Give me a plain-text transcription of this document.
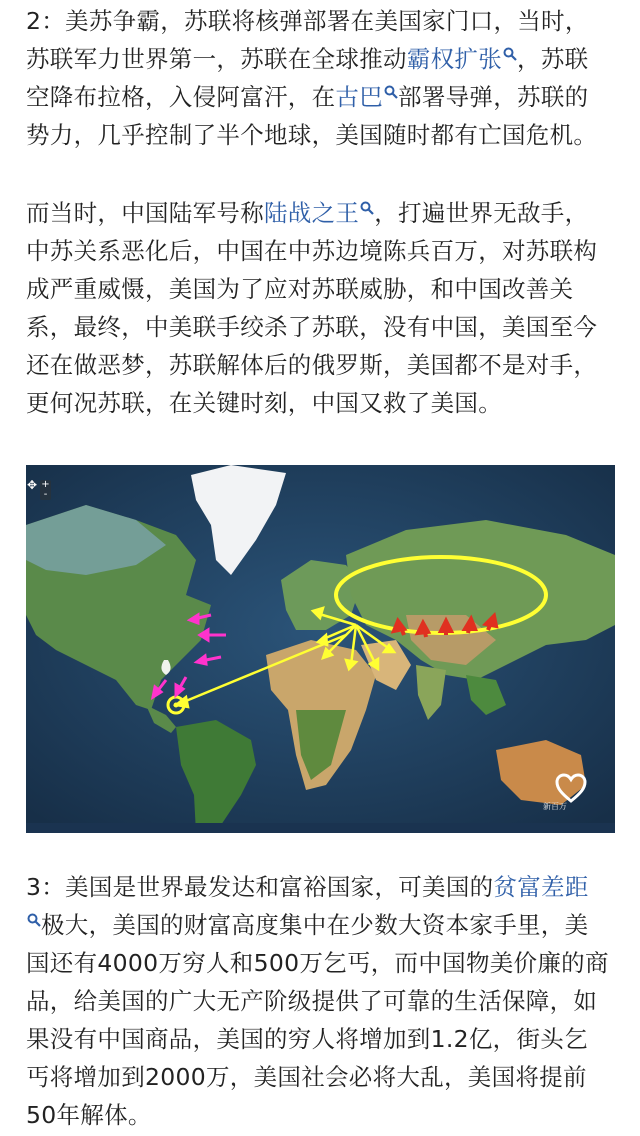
2：美苏争霸，苏联将核弹部署在美国家门口，当时，
苏联军力世界第一，苏联在全球推动霸权扩张 ，苏联
空降布拉格，入侵阿富汗，在古巴 部署导弹，苏联的
势力，几乎控制了半个地球，美国随时都有亡国危机。
而当时，中国陆军号称陆战之王 ，打遍世界无敌手，
中苏关系恶化后，中国在中苏边境陈兵百万，对苏联构
成严重威慑，美国为了应对苏联威胁，和中国改善关
系，最终，中美联手绞杀了苏联，没有中国，美国至今
还在做恶梦，苏联解体后的俄罗斯，美国都不是对手，
更何况苏联，在关键时刻，中国又救了美国。
✥ +
-
新百万
3：美国是世界最发达和富裕国家，可美国的贫富差距
极大，美国的财富高度集中在少数大资本家手里，美
国还有4000万穷人和500万乞丐，而中国物美价廉的商
品，给美国的广大无产阶级提供了可靠的生活保障，如
果没有中国商品，美国的穷人将增加到1.2亿，街头乞
丐将增加到2000万，美国社会必将大乱，美国将提前
50年解体。
